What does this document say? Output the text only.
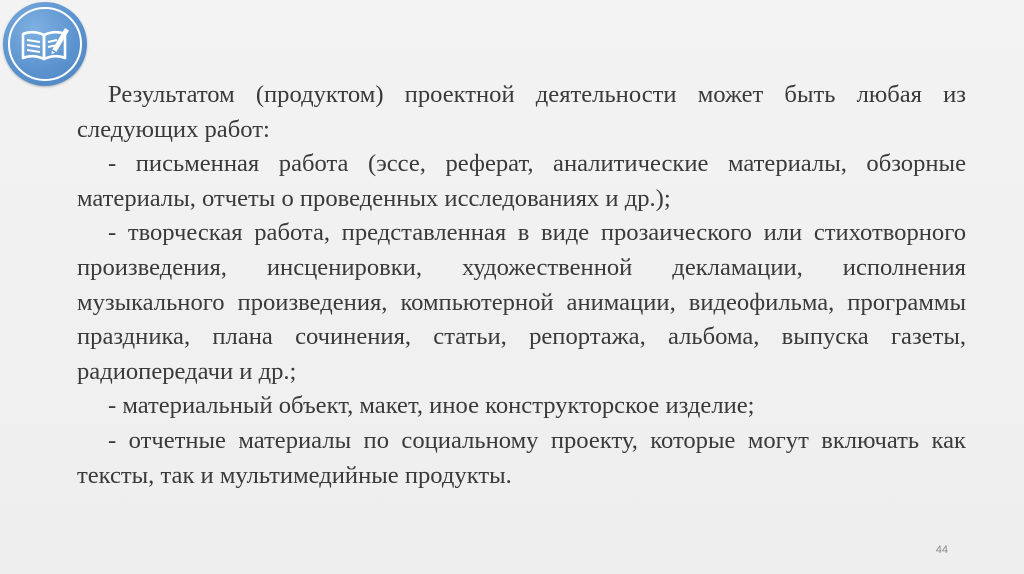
Результатом (продуктом) проектной деятельности может быть любая из следующих работ:

- письменная работа (эссе, реферат, аналитические материалы, обзорные материалы, отчеты о проведенных исследованиях и др.);

- творческая работа, представленная в виде прозаического или стихотворного произведения, инсценировки, художественной декламации, исполнения музыкального произведения, компьютерной анимации, видеофильма, программы праздника, плана сочинения, статьи, репортажа, альбома, выпуска газеты, радиопередачи и др.;

- материальный объект, макет, иное конструкторское изделие;

- отчетные материалы по социальному проекту, которые могут включать как тексты, так и мультимедийные продукты.

44
